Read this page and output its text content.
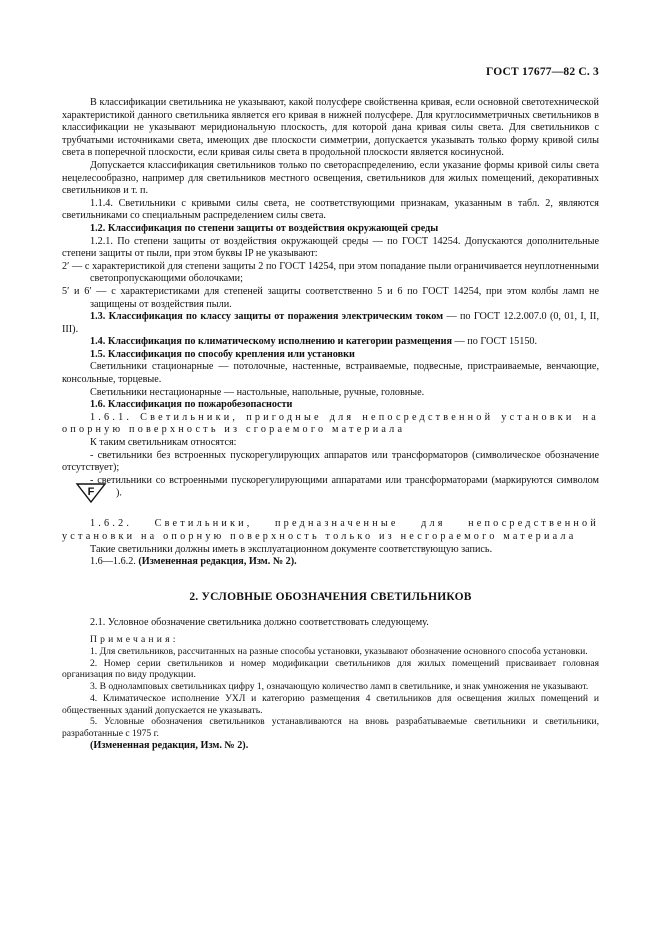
ГОСТ 17677—82 С. 3

В классификации светильника не указывают, какой полусфере свойственна кривая, если основной светотехнической характеристикой данного светильника является его кривая в нижней полусфере. Для круглосимметричных светильников в классификации не указывают меридиональную плоскость, для которой дана кривая силы света. Для светильников с трубчатыми источниками света, имеющих две плоскости симметрии, допускается указывать только форму кривой силы света в поперечной плоскости, если кривая силы света в продольной плоскости является косинусной.

Допускается классификация светильников только по светораспределению, если указание формы кривой силы света нецелесообразно, например для светильников местного освещения, светильников для жилых помещений, декоративных светильников и т. п.

1.1.4. Светильники с кривыми силы света, не соответствующими признакам, указанным в табл. 2, являются светильниками со специальным распределением силы света.

1.2. Классификация по степени защиты от воздействия окружающей среды

1.2.1. По степени защиты от воздействия окружающей среды — по ГОСТ 14254. Допускаются дополнительные степени защиты от пыли, при этом буквы IP не указывают:

2′ — с характеристикой для степени защиты 2 по ГОСТ 14254, при этом попадание пыли ограничивается неуплотненными светопропускающими оболочками;

5′ и 6′ — с характеристиками для степеней защиты соответственно 5 и 6 по ГОСТ 14254, при этом колбы ламп не защищены от воздействия пыли.

1.3. Классификация по классу защиты от поражения электрическим током — по ГОСТ 12.2.007.0 (0, 01, I, II, III).

1.4. Классификация по климатическому исполнению и категории размещения — по ГОСТ 15150.

1.5. Классификация по способу крепления или установки

Светильники стационарные — потолочные, настенные, встраиваемые, подвесные, пристраиваемые, венчающие, консольные, торцевые.

Светильники нестационарные — настольные, напольные, ручные, головные.

1.6. Классификация по пожаробезопасности

1.6.1. Светильники, пригодные для непосредственной установки на опорную поверхность из сгораемого материала

К таким светильникам относятся:

- светильники без встроенных пускорегулирующих аппаратов или трансформаторов (символическое обозначение отсутствует);

- светильники со встроенными пускорегулирующими аппаратами или трансформаторами (маркируются символом
F ).

1.6.2. Светильники, предназначенные для непосредственной установки на опорную поверхность только из несгораемого материала

Такие светильники должны иметь в эксплуатационном документе соответствующую запись.

1.6—1.6.2. (Измененная редакция, Изм. № 2).

2. УСЛОВНЫЕ ОБОЗНАЧЕНИЯ СВЕТИЛЬНИКОВ

2.1. Условное обозначение светильника должно соответствовать следующему.

Примечания:

1. Для светильников, рассчитанных на разные способы установки, указывают обозначение основного способа установки.

2. Номер серии светильников и номер модификации светильников для жилых помещений присваивает головная организация по виду продукции.

3. В одноламповых светильниках цифру 1, означающую количество ламп в светильнике, и знак умножения не указывают.

4. Климатическое исполнение УХЛ и категорию размещения 4 светильников для освещения жилых помещений и общественных зданий допускается не указывать.

5. Условные обозначения светильников устанавливаются на вновь разрабатываемые светильники и светильники, разработанные с 1975 г.

(Измененная редакция, Изм. № 2).
